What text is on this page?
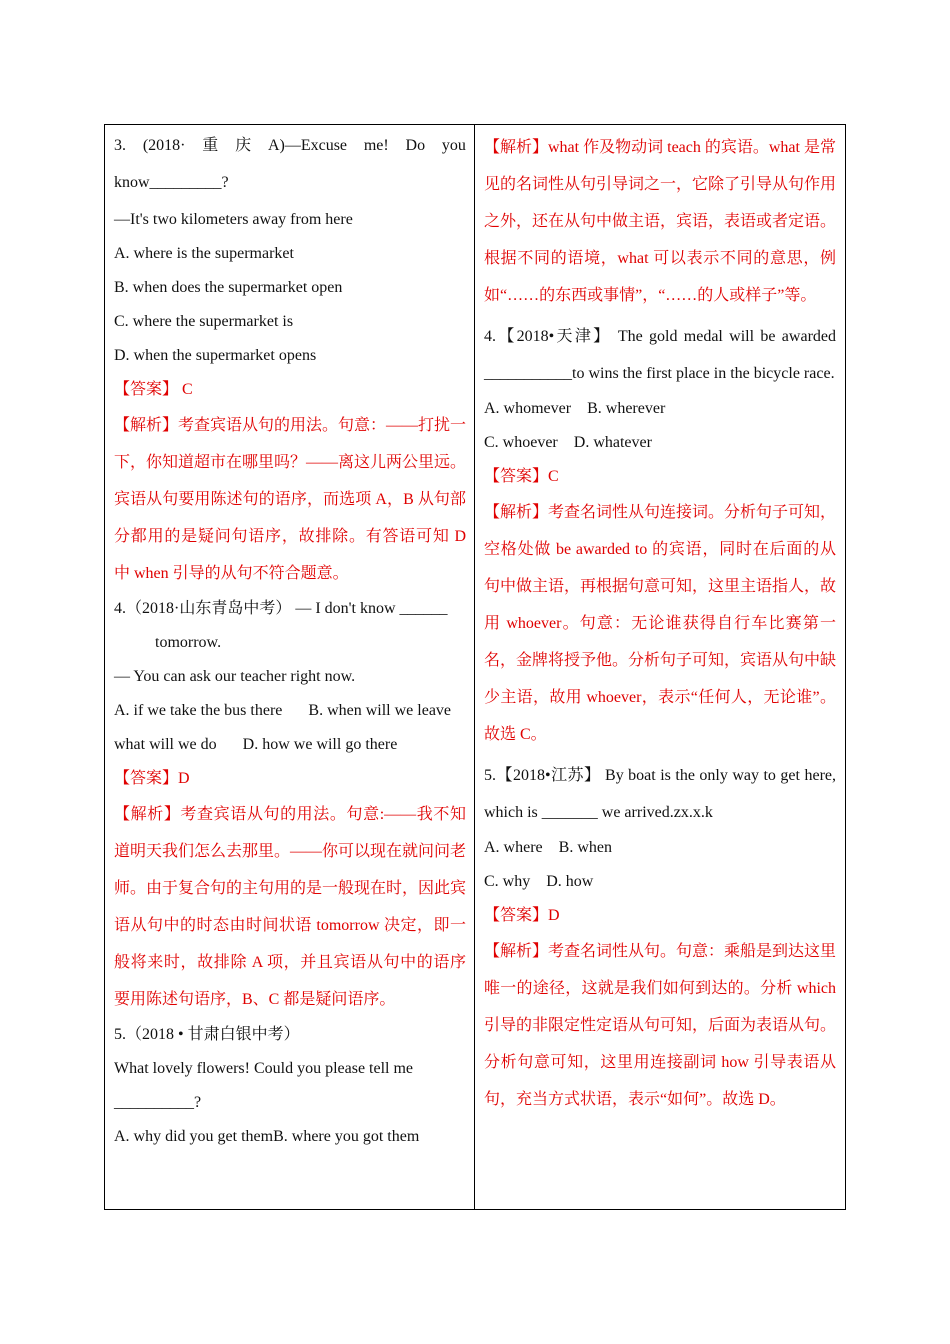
3. (2018· 重 庆 A)—Excuse me! Do you
know_________?
—It's two kilometers away from here
A. where is the supermarket
B. when does the supermarket open
C. where the supermarket is
D. when the supermarket opens
【答案】 C
【解析】考查宾语从句的用法。句意：——打扰一下，你知道超市在哪里吗？——离这儿两公里远。宾语从句要用陈述句的语序，而选项 A，B 从句部分都用的是疑问句语序，故排除。有答语可知 D 中 when 引导的从句不符合题意。
4.（2018·山东青岛中考） — I don't know ______
tomorrow.
— You can ask our teacher right now.
A. if we take the bus there B. when will we leave
what will we do D. how we will go there
【答案】D
【解析】考查宾语从句的用法。句意:——我不知道明天我们怎么去那里。——你可以现在就问问老师。由于复合句的主句用的是一般现在时，因此宾语从句中的时态由时间状语 tomorrow 决定，即一般将来时，故排除 A 项，并且宾语从句中的语序要用陈述句语序，B、C 都是疑问语序。
5.（2018 • 甘肃白银中考）
What lovely flowers! Could you please tell me
__________?
A. why did you get themB. where you got them
【解析】what 作及物动词 teach 的宾语。what 是常见的名词性从句引导词之一，它除了引导从句作用之外，还在从句中做主语，宾语，表语或者定语。根据不同的语境，what 可以表示不同的意思，例如“……的东西或事情”，“……的人或样子”等。
4.【2018•天津】 The gold medal will be awarded ___________to wins the first place in the bicycle race.
A. whomever    B. wherever
C. whoever    D. whatever
【答案】C
【解析】考查名词性从句连接词。分析句子可知，空格处做 be awarded to 的宾语，同时在后面的从句中做主语，再根据句意可知，这里主语指人，故用 whoever。句意：无论谁获得自行车比赛第一名，金牌将授予他。分析句子可知，宾语从句中缺少主语，故用 whoever，表示“任何人，无论谁”。故选 C。
5.【2018•江苏】 By boat is the only way to get here, which is _______ we arrived.zx.x.k
A. where    B. when
C. why    D. how
【答案】D
【解析】考查名词性从句。句意：乘船是到达这里唯一的途径，这就是我们如何到达的。分析 which 引导的非限定性定语从句可知，后面为表语从句。分析句意可知，这里用连接副词 how 引导表语从句，充当方式状语，表示“如何”。故选 D。
